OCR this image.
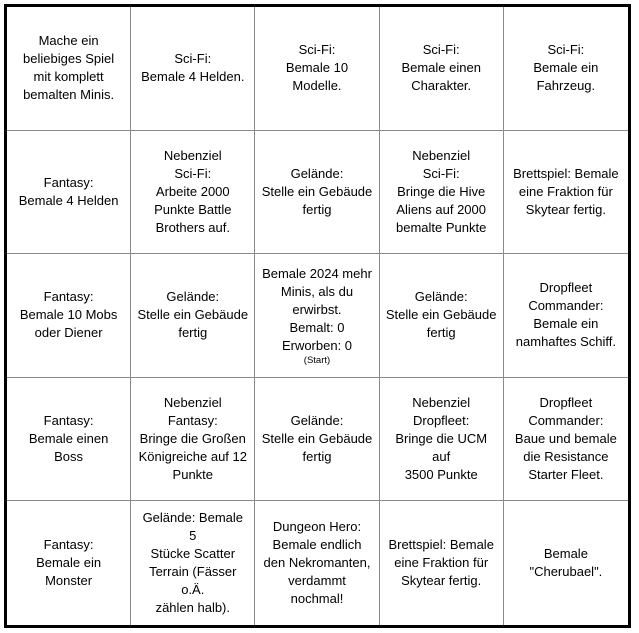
Mache ein
beliebiges Spiel
mit komplett
bemalten Minis.
Sci-Fi:
Bemale 4 Helden.
Sci-Fi:
Bemale 10
Modelle.
Sci-Fi:
Bemale einen
Charakter.
Sci-Fi:
Bemale ein
Fahrzeug.
Fantasy:
Bemale 4 Helden
Nebenziel
Sci-Fi:
Arbeite 2000
Punkte Battle
Brothers auf.
Gelände:
Stelle ein Gebäude
fertig
Nebenziel
Sci-Fi:
Bringe die Hive
Aliens auf 2000
bemalte Punkte
Brettspiel: Bemale
eine Fraktion für
Skytear fertig.
Fantasy:
Bemale 10 Mobs
oder Diener
Gelände:
Stelle ein Gebäude
fertig

Bemale 2024 mehr
Minis, als du
erwirbst.
Bemalt: 0
Erworben: 0

(Start)

Gelände:
Stelle ein Gebäude
fertig
Dropfleet
Commander:
Bemale ein
namhaftes Schiff.
Fantasy:
Bemale einen Boss
Nebenziel
Fantasy:
Bringe die Großen
Königreiche auf 12
Punkte
Gelände:
Stelle ein Gebäude
fertig
Nebenziel
Dropfleet:
Bringe die UCM auf
3500 Punkte
Dropfleet
Commander:
Baue und bemale
die Resistance
Starter Fleet.
Fantasy:
Bemale ein
Monster
Gelände: Bemale 5
Stücke Scatter
Terrain (Fässer o.Ä.
zählen halb).
Dungeon Hero:
Bemale endlich
den Nekromanten,
verdammt
nochmal!
Brettspiel: Bemale
eine Fraktion für
Skytear fertig.
Bemale
"Cherubael".
